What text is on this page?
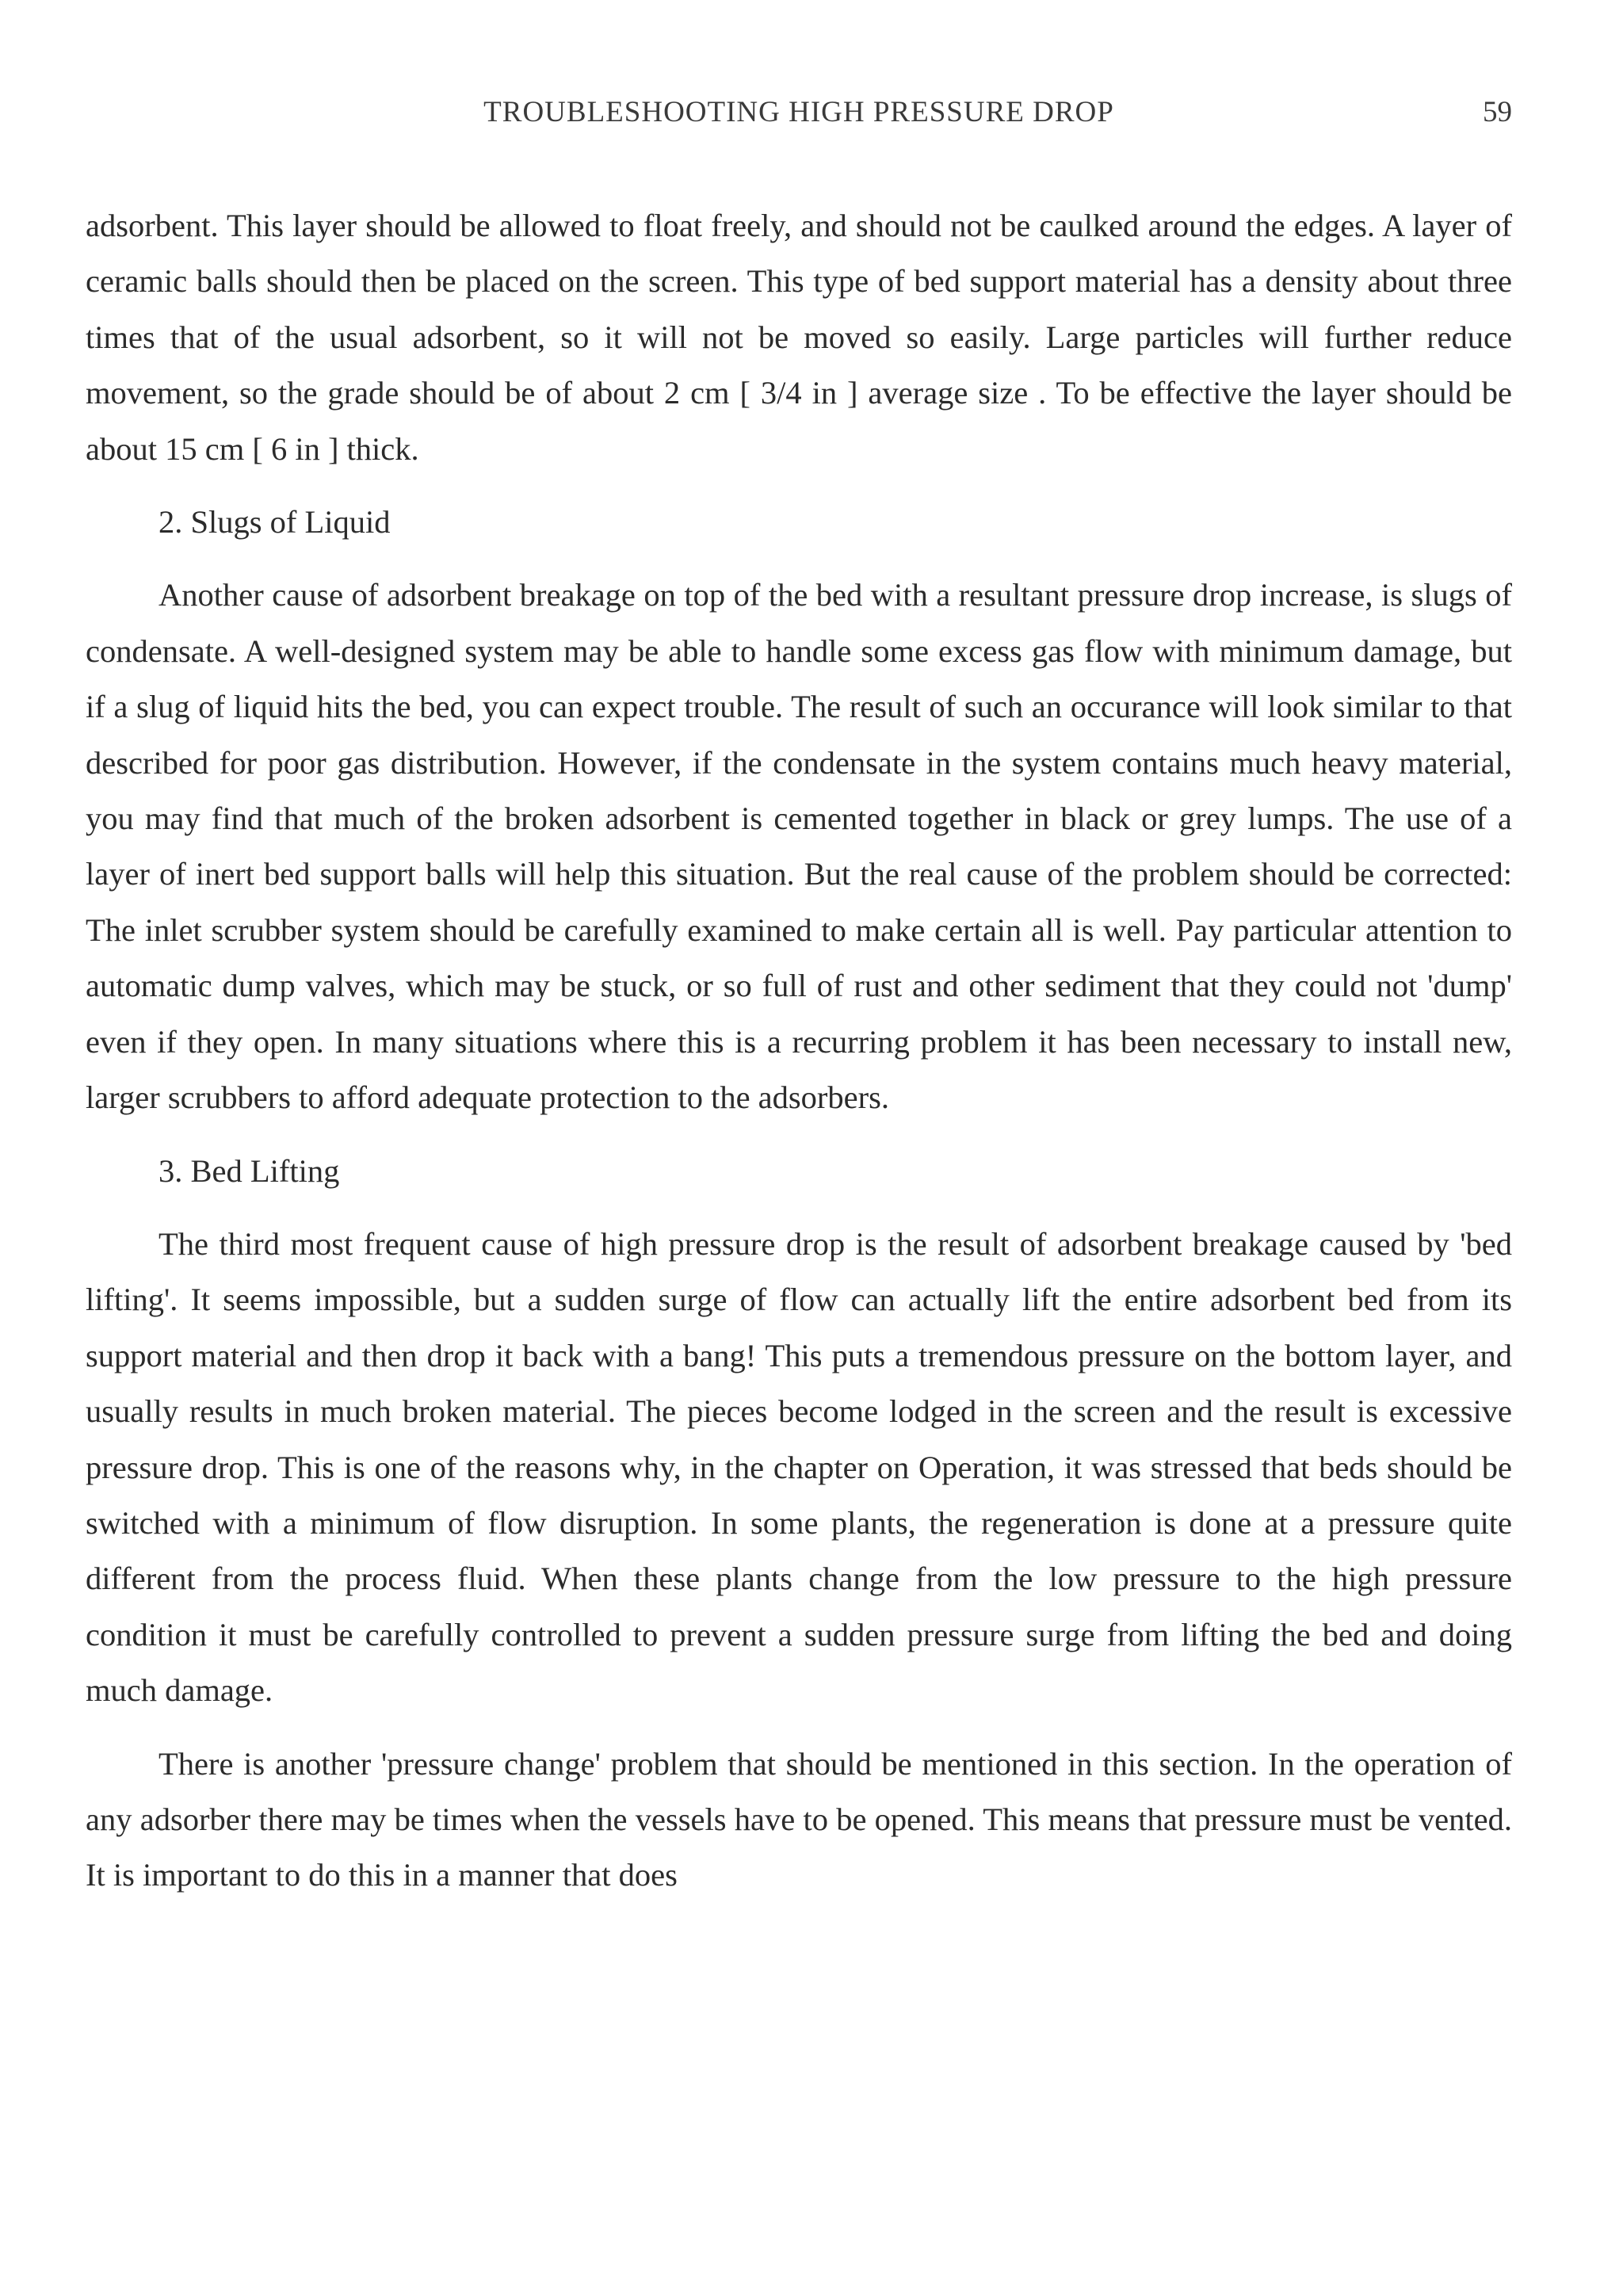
TROUBLESHOOTING HIGH PRESSURE DROP	59

adsorbent. This layer should be allowed to float freely, and should not be caulked around the edges. A layer of ceramic balls should then be placed on the screen. This type of bed support material has a density about three times that of the usual adsorbent, so it will not be moved so easily. Large particles will further reduce movement, so the grade should be of about 2 cm [ 3/4 in ] average size . To be effective the layer should be about 15 cm [ 6 in ] thick.

2. Slugs of Liquid

Another cause of adsorbent breakage on top of the bed with a resultant pressure drop increase, is slugs of condensate. A well-designed system may be able to handle some excess gas flow with minimum damage, but if a slug of liquid hits the bed, you can expect trouble. The result of such an occurance will look similar to that described for poor gas distribution. However, if the condensate in the system contains much heavy material, you may find that much of the broken adsorbent is cemented together in black or grey lumps. The use of a layer of inert bed support balls will help this situation. But the real cause of the problem should be corrected: The inlet scrubber system should be carefully examined to make certain all is well. Pay particular attention to automatic dump valves, which may be stuck, or so full of rust and other sediment that they could not 'dump' even if they open. In many situations where this is a recurring problem it has been necessary to install new, larger scrubbers to afford adequate protection to the adsorbers.

3. Bed Lifting

The third most frequent cause of high pressure drop is the result of adsorbent breakage caused by 'bed lifting'. It seems impossible, but a sudden surge of flow can actually lift the entire adsorbent bed from its support material and then drop it back with a bang! This puts a tremendous pressure on the bottom layer, and usually results in much broken material. The pieces become lodged in the screen and the result is excessive pressure drop. This is one of the reasons why, in the chapter on Operation, it was stressed that beds should be switched with a minimum of flow disruption. In some plants, the regeneration is done at a pressure quite different from the process fluid. When these plants change from the low pressure to the high pressure condition it must be carefully controlled to prevent a sudden pressure surge from lifting the bed and doing much damage.

There is another 'pressure change' problem that should be mentioned in this section. In the operation of any adsorber there may be times when the vessels have to be opened. This means that pressure must be vented. It is important to do this in a manner that does
